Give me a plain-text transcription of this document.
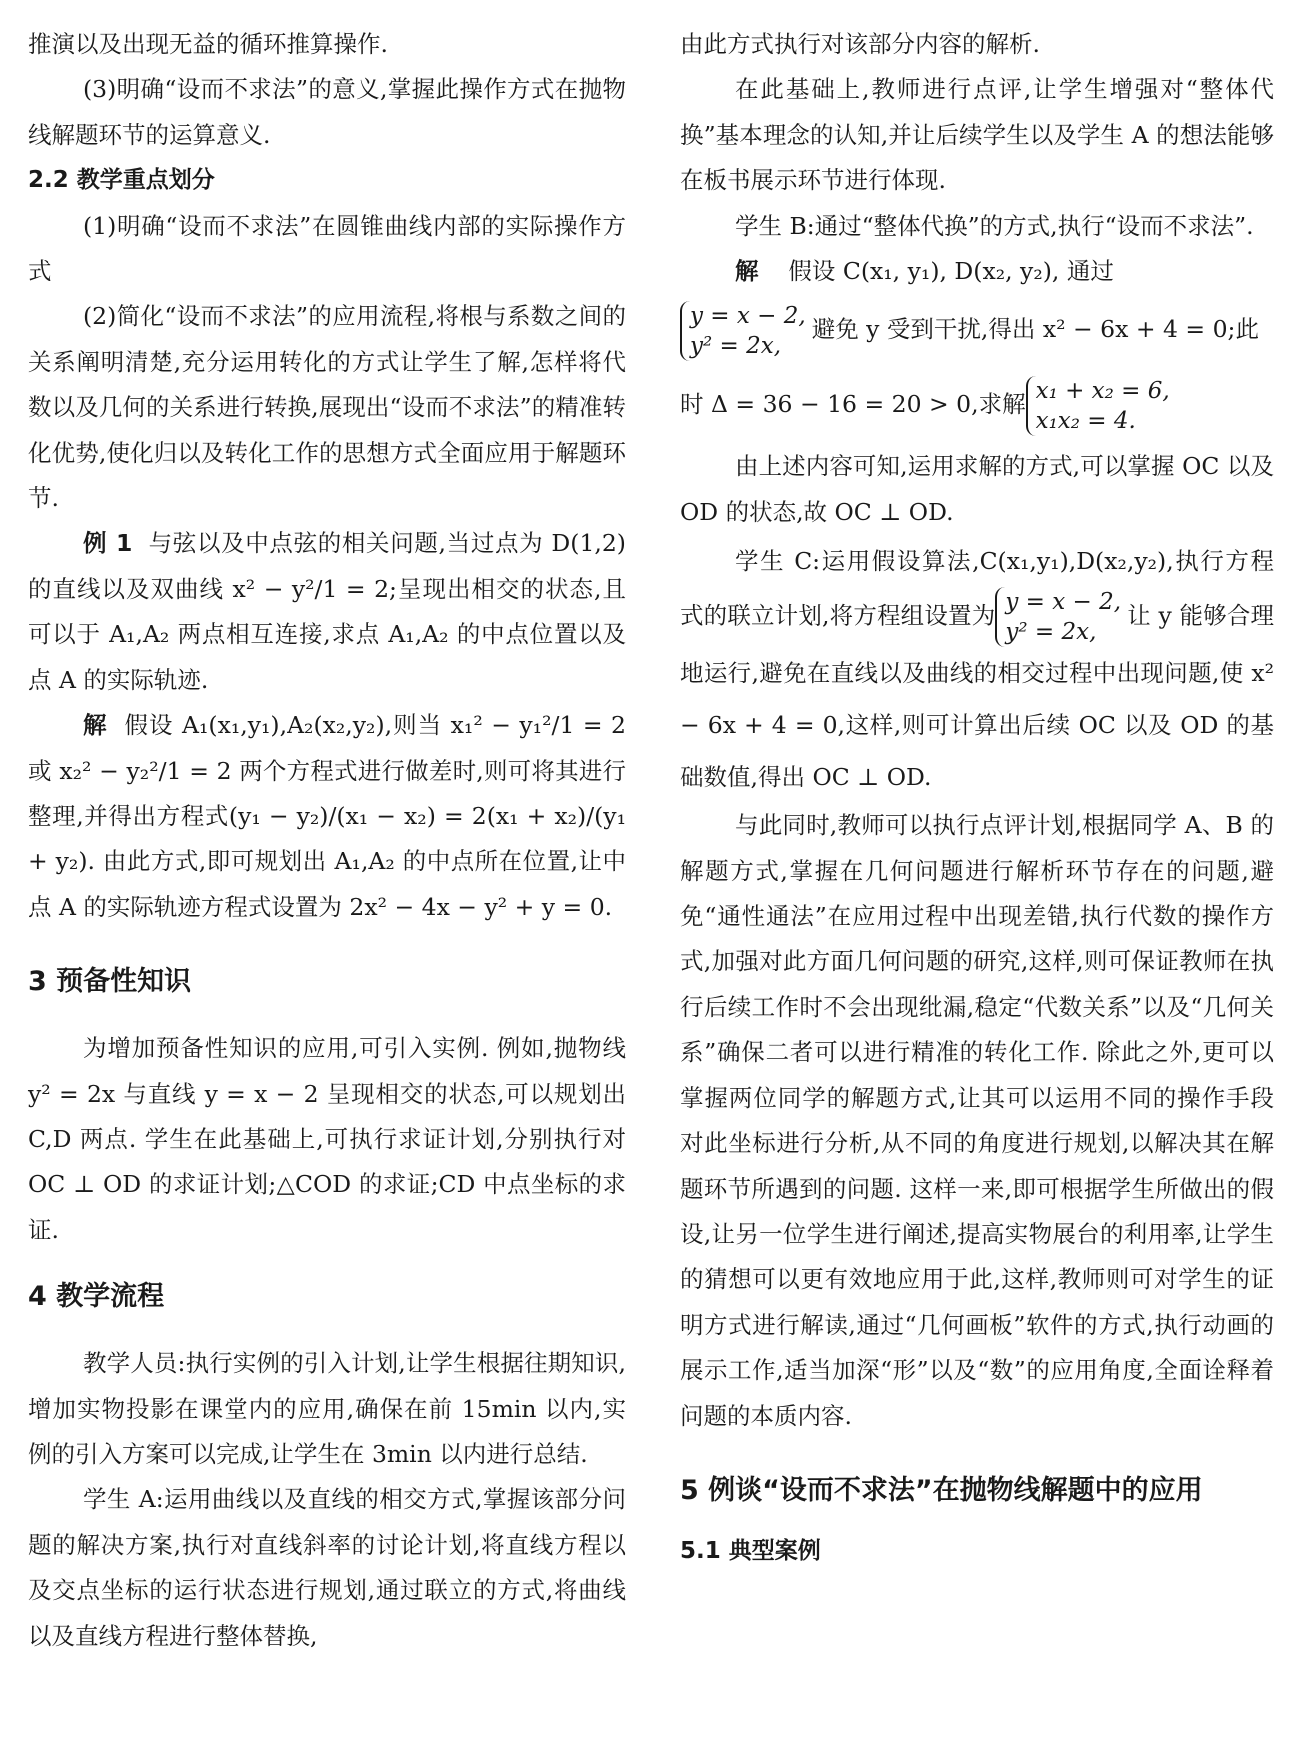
推演以及出现无益的循环推算操作.

(3)明确“设而不求法”的意义,掌握此操作方式在抛物线解题环节的运算意义.

2.2 教学重点划分

(1)明确“设而不求法”在圆锥曲线内部的实际操作方式

(2)简化“设而不求法”的应用流程,将根与系数之间的关系阐明清楚,充分运用转化的方式让学生了解,怎样将代数以及几何的关系进行转换,展现出“设而不求法”的精准转化优势,使化归以及转化工作的思想方式全面应用于解题环节.

例 1 与弦以及中点弦的相关问题,当过点为 D(1,2)的直线以及双曲线 x² − y²/1 = 2;呈现出相交的状态,且可以于 A₁,A₂ 两点相互连接,求点 A₁,A₂ 的中点位置以及点 A 的实际轨迹.

解 假设 A₁(x₁,y₁),A₂(x₂,y₂),则当 x₁² − y₁²/1 = 2 或 x₂² − y₂²/1 = 2 两个方程式进行做差时,则可将其进行整理,并得出方程式(y₁ − y₂)/(x₁ − x₂) = 2(x₁ + x₂)/(y₁ + y₂). 由此方式,即可规划出 A₁,A₂ 的中点所在位置,让中点 A 的实际轨迹方程式设置为 2x² − 4x − y² + y = 0.

3 预备性知识

为增加预备性知识的应用,可引入实例. 例如,抛物线 y² = 2x 与直线 y = x − 2 呈现相交的状态,可以规划出 C,D 两点. 学生在此基础上,可执行求证计划,分别执行对 OC ⊥ OD 的求证计划;△COD 的求证;CD 中点坐标的求证.

4 教学流程

教学人员:执行实例的引入计划,让学生根据往期知识,增加实物投影在课堂内的应用,确保在前 15min 以内,实例的引入方案可以完成,让学生在 3min 以内进行总结.

学生 A:运用曲线以及直线的相交方式,掌握该部分问题的解决方案,执行对直线斜率的讨论计划,将直线方程以及交点坐标的运行状态进行规划,通过联立的方式,将曲线以及直线方程进行整体替换,

由此方式执行对该部分内容的解析.

在此基础上,教师进行点评,让学生增强对“整体代换”基本理念的认知,并让后续学生以及学生 A 的想法能够在板书展示环节进行体现.

学生 B:通过“整体代换”的方式,执行“设而不求法”.

解 假设 C(x₁, y₁), D(x₂, y₂), 通过

y = x − 2,
y² = 2x,
避免 y 受到干扰,得出 x² − 6x + 4 = 0;此

时 Δ = 36 − 16 = 20 > 0,求解 x₁ + x₂ = 6,
x₁x₂ = 4.

由上述内容可知,运用求解的方式,可以掌握 OC 以及 OD 的状态,故 OC ⊥ OD.

学生 C:运用假设算法,C(x₁,y₁),D(x₂,y₂),执行方程式的联立计划,将方程组设置为 y = x − 2,
y² = 2x,
让 y 能够合理地运行,避免在直线以及曲线的相交过程中出现问题,使 x² − 6x + 4 = 0,这样,则可计算出后续 OC 以及 OD 的基础数值,得出 OC ⊥ OD.

与此同时,教师可以执行点评计划,根据同学 A、B 的解题方式,掌握在几何问题进行解析环节存在的问题,避免“通性通法”在应用过程中出现差错,执行代数的操作方式,加强对此方面几何问题的研究,这样,则可保证教师在执行后续工作时不会出现纰漏,稳定“代数关系”以及“几何关系”确保二者可以进行精准的转化工作. 除此之外,更可以掌握两位同学的解题方式,让其可以运用不同的操作手段对此坐标进行分析,从不同的角度进行规划,以解决其在解题环节所遇到的问题. 这样一来,即可根据学生所做出的假设,让另一位学生进行阐述,提高实物展台的利用率,让学生的猜想可以更有效地应用于此,这样,教师则可对学生的证明方式进行解读,通过“几何画板”软件的方式,执行动画的展示工作,适当加深“形”以及“数”的应用角度,全面诠释着问题的本质内容.

5 例谈“设而不求法”在抛物线解题中的应用
5.1 典型案例
